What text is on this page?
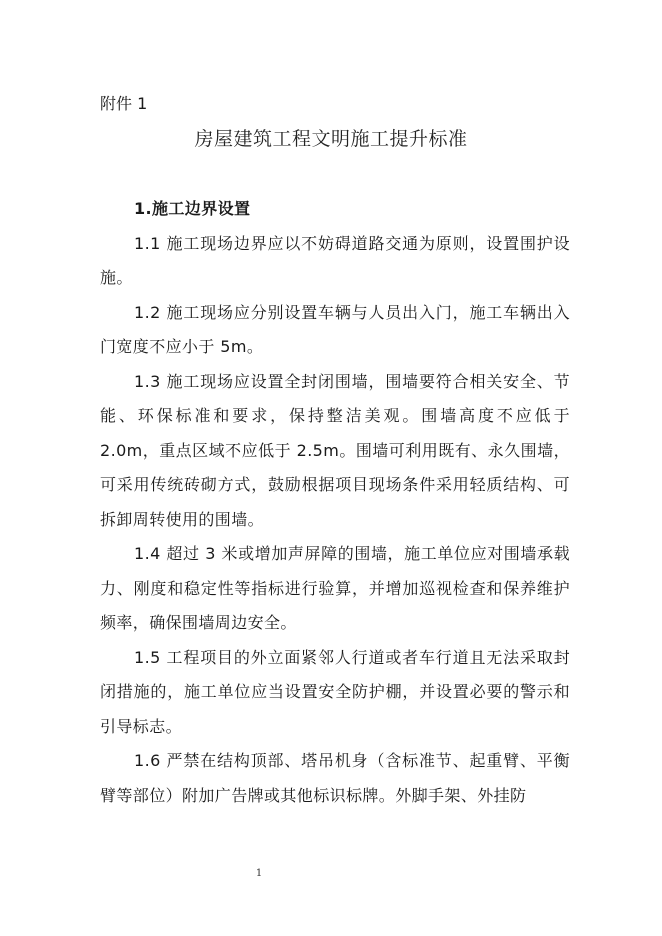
附件 1
房屋建筑工程文明施工提升标准

1.施工边界设置

1.1 施工现场边界应以不妨碍道路交通为原则，设置围护设施。

1.2 施工现场应分别设置车辆与人员出入门，施工车辆出入门宽度不应小于 5m。

1.3 施工现场应设置全封闭围墙，围墙要符合相关安全、节能、环保标准和要求，保持整洁美观。围墙高度不应低于 2.0m，重点区域不应低于 2.5m。围墙可利用既有、永久围墙，可采用传统砖砌方式，鼓励根据项目现场条件采用轻质结构、可拆卸周转使用的围墙。

1.4 超过 3 米或增加声屏障的围墙，施工单位应对围墙承载力、刚度和稳定性等指标进行验算，并增加巡视检查和保养维护频率，确保围墙周边安全。

1.5 工程项目的外立面紧邻人行道或者车行道且无法采取封闭措施的，施工单位应当设置安全防护棚，并设置必要的警示和引导标志。

1.6 严禁在结构顶部、塔吊机身（含标准节、起重臂、平衡臂等部位）附加广告牌或其他标识标牌。外脚手架、外挂防

1
